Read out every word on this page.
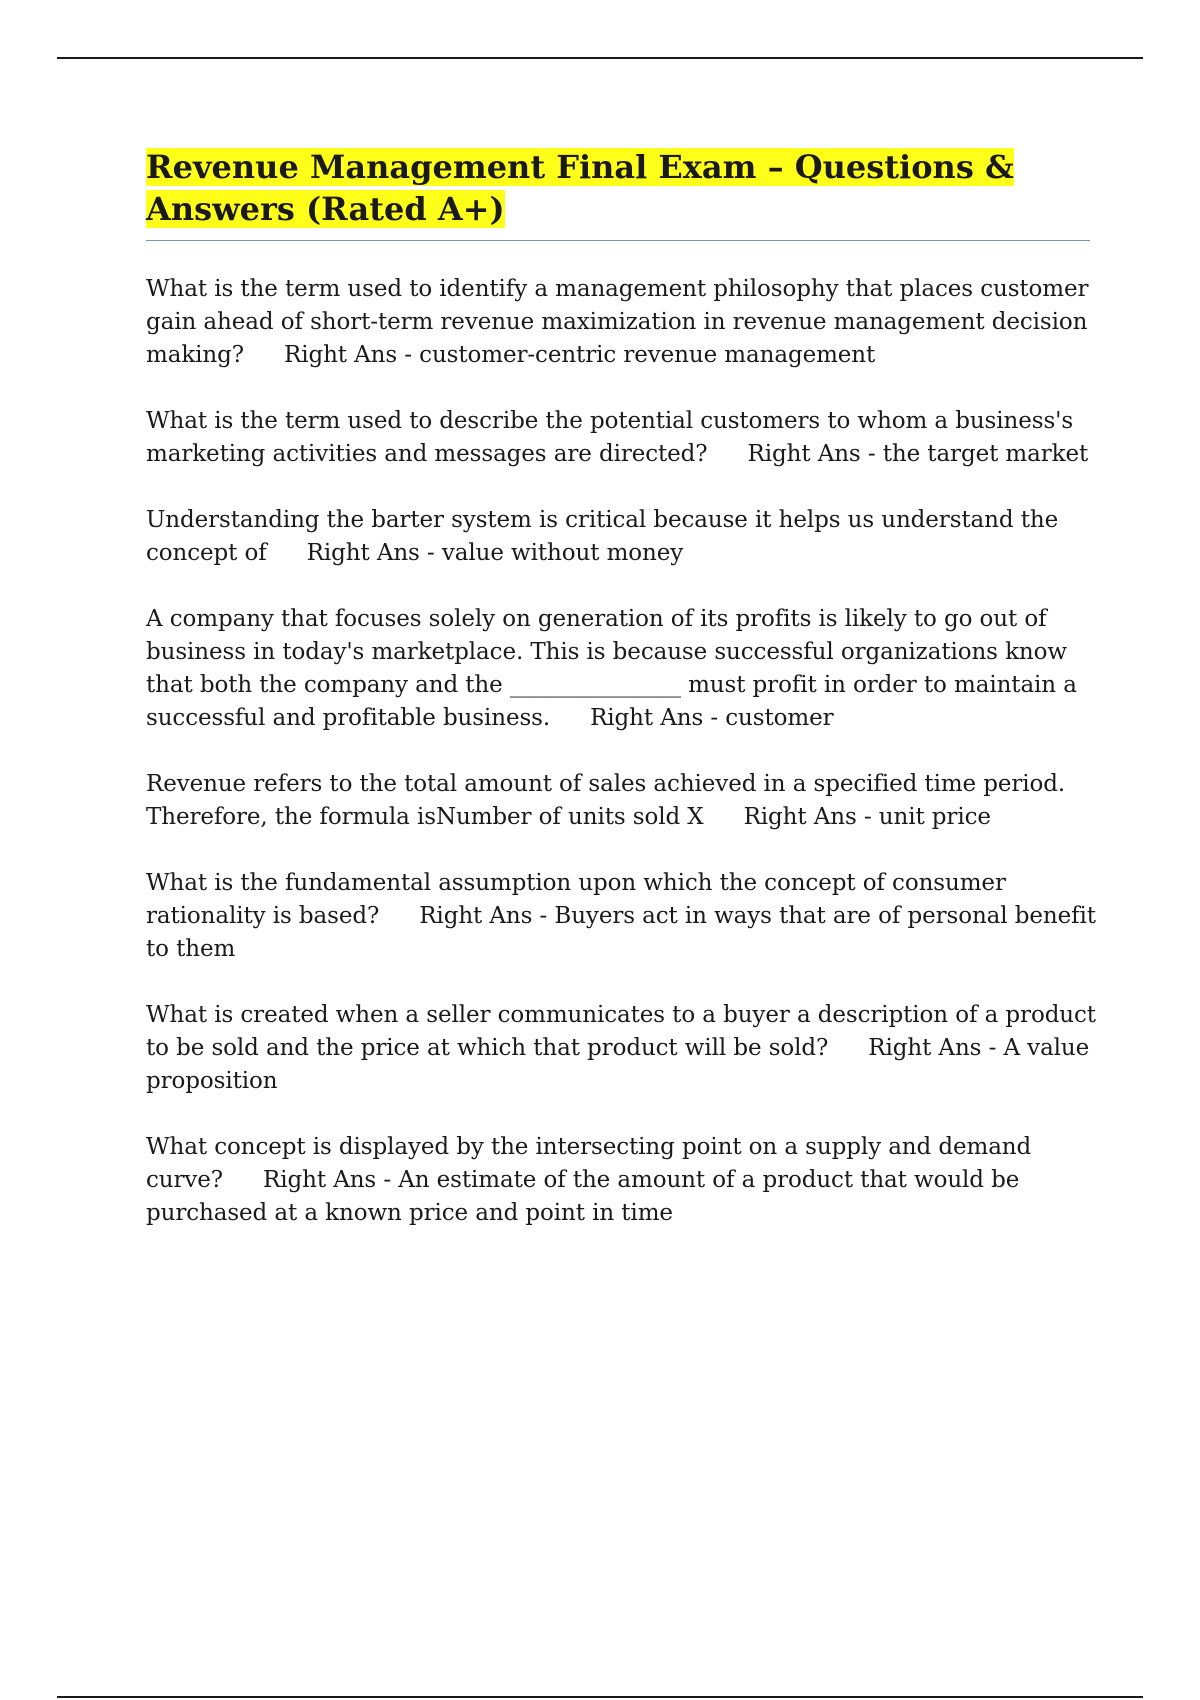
Revenue Management Final Exam – Questions & Answers (Rated A+)

What is the term used to identify a management philosophy that places customer gain ahead of short-term revenue maximization in revenue management decision making? Right Ans - customer-centric revenue management

What is the term used to describe the potential customers to whom a business's marketing activities and messages are directed? Right Ans - the target market

Understanding the barter system is critical because it helps us understand the concept of Right Ans - value without money

A company that focuses solely on generation of its profits is likely to go out of business in today's marketplace. This is because successful organizations know that both the company and the _______________ must profit in order to maintain a successful and profitable business. Right Ans - customer

Revenue refers to the total amount of sales achieved in a specified time period. Therefore, the formula isNumber of units sold X Right Ans - unit price

What is the fundamental assumption upon which the concept of consumer rationality is based? Right Ans - Buyers act in ways that are of personal benefit to them

What is created when a seller communicates to a buyer a description of a product to be sold and the price at which that product will be sold? Right Ans - A value proposition

What concept is displayed by the intersecting point on a supply and demand curve? Right Ans - An estimate of the amount of a product that would be purchased at a known price and point in time
